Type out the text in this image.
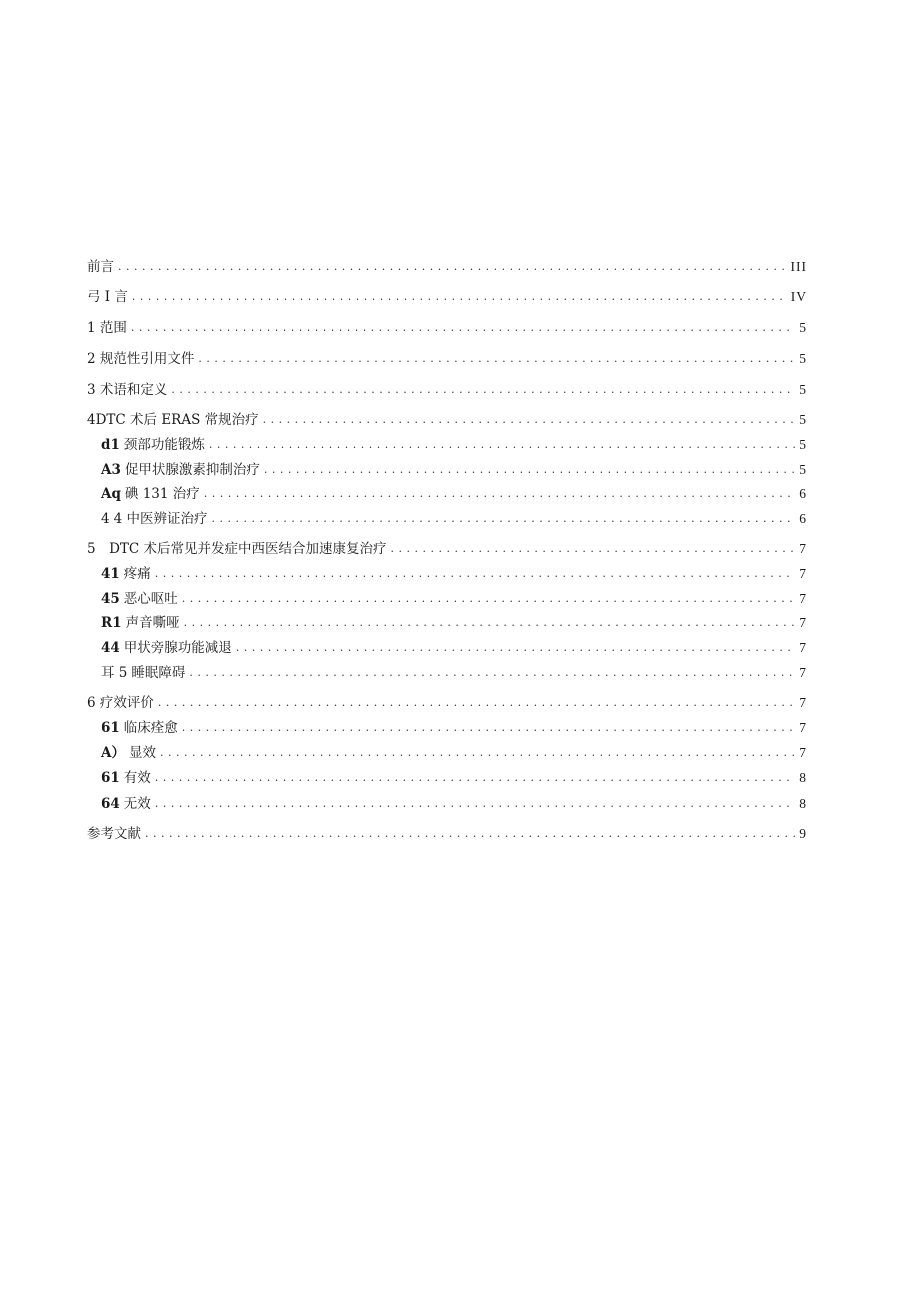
前言 . . .	III
弓 I 言 . . .	IV
1 范围 . . .	5
2 规范性引用文件 . . .	5
3 术语和定义 . . .	5
4DTC 术后 ERAS 常规治疗 . . .	5
d1 颈部功能锻炼 . . .	5
A3 促甲状腺激素抑制治疗 . . .	5
Aq 碘 131 治疗 . . .	6
4 4 中医辨证治疗 . . .	6
5　DTC 术后常见并发症中西医结合加速康复治疗 . . .	7
41 疼痛 . . .	7
45 恶心呕吐 . . .	7
R1 声音嘶哑 . . .	7
44 甲状旁腺功能减退 . . .	7
耳 5 睡眠障碍 . . .	7
6 疗效评价 . . .	7
61 临床痊愈 . . .	7
A） 显效 . . .	7
61 有效 . . .	8
64 无效 . . .	8
参考文献 . . .	9
